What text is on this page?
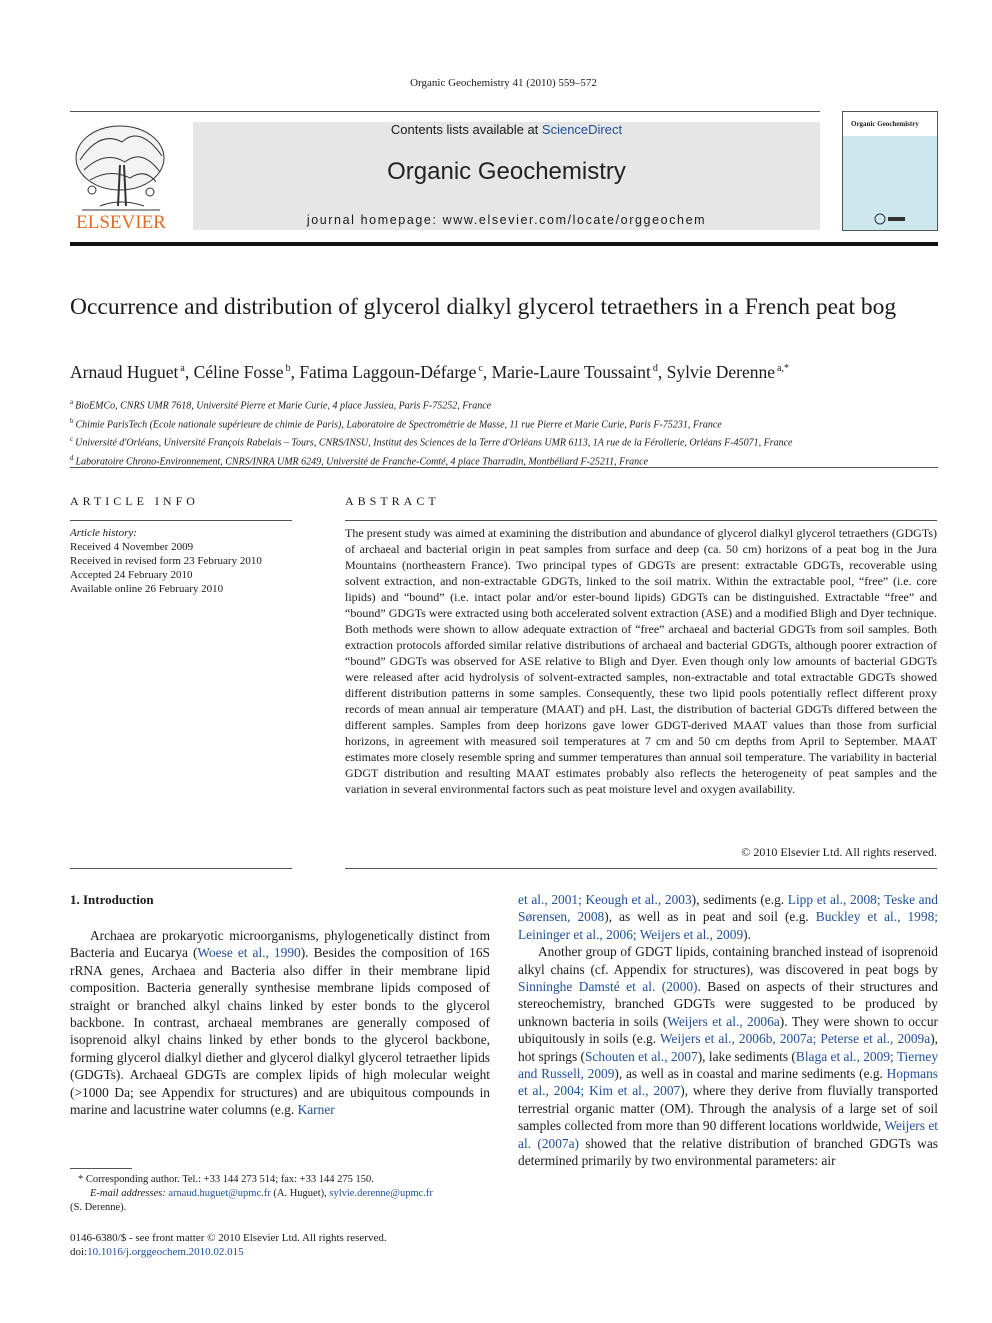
Organic Geochemistry 41 (2010) 559–572
ELSEVIER
Contents lists available at ScienceDirect
Organic Geochemistry
journal homepage: www.elsevier.com/locate/orggeochem
Organic Geochemistry
Occurrence and distribution of glycerol dialkyl glycerol tetraethers in a French peat bog
Arnaud Huguet  $^a$, Céline Fosse  $^b$, Fatima Laggoun-Défarge  $^c$, Marie-Laure Toussaint  $^d$, Sylvie Derenne  $^{a,*}$
$^a$  BioEMCo, CNRS UMR 7618, Université Pierre et Marie Curie, 4 place Jussieu, Paris F-75252, France
$^b$  Chimie ParisTech (Ecole nationale supérieure de chimie de Paris), Laboratoire de Spectrométrie de Masse, 11 rue Pierre et Marie Curie, Paris F-75231, France
$^c$  Université d'Orléans, Université François Rabelais – Tours, CNRS/INSU, Institut des Sciences de la Terre d'Orléans UMR 6113, 1A rue de la Férollerie, Orléans F-45071, France
$^d$  Laboratoire Chrono-Environnement, CNRS/INRA UMR 6249, Université de Franche-Comté, 4 place Tharradin, Montbéliard F-25211, France
ARTICLE INFO	ABSTRACT
Article history:
Received 4 November 2009
Received in revised form 23 February 2010
Accepted 24 February 2010
Available online 26 February 2010
The present study was aimed at examining the distribution and abundance of glycerol dialkyl glycerol tetraethers (GDGTs) of archaeal and bacterial origin in peat samples from surface and deep (ca. 50 cm) horizons of a peat bog in the Jura Mountains (northeastern France). Two principal types of GDGTs are present: extractable GDGTs, recoverable using solvent extraction, and non-extractable GDGTs, linked to the soil matrix. Within the extractable pool, “free” (i.e. core lipids) and “bound” (i.e. intact polar and/or ester-bound lipids) GDGTs can be distinguished. Extractable “free” and “bound” GDGTs were extracted using both accelerated solvent extraction (ASE) and a modified Bligh and Dyer technique. Both methods were shown to allow adequate extraction of “free” archaeal and bacterial GDGTs from soil samples. Both extraction protocols afforded similar relative distributions of archaeal and bacterial GDGTs, although poorer extraction of “bound” GDGTs was observed for ASE relative to Bligh and Dyer. Even though only low amounts of bacterial GDGTs were released after acid hydrolysis of solvent-extracted samples, non-extractable and total extractable GDGTs showed different distribution patterns in some samples. Consequently, these two lipid pools potentially reflect different proxy records of mean annual air temperature (MAAT) and pH. Last, the distribution of bacterial GDGTs differed between the different samples. Samples from deep horizons gave lower GDGT-derived MAAT values than those from surficial horizons, in agreement with measured soil temperatures at 7 cm and 50 cm depths from April to September. MAAT estimates more closely resemble spring and summer temperatures than annual soil temperature. The variability in bacterial GDGT distribution and resulting MAAT estimates probably also reflects the heterogeneity of peat samples and the variation in several environmental factors such as peat moisture level and oxygen availability.
© 2010 Elsevier Ltd. All rights reserved.
1. Introduction

Archaea are prokaryotic microorganisms, phylogenetically distinct from Bacteria and Eucarya (Woese et al., 1990). Besides the composition of 16S rRNA genes, Archaea and Bacteria also differ in their membrane lipid composition. Bacteria generally synthesise membrane lipids composed of straight or branched alkyl chains linked by ester bonds to the glycerol backbone. In contrast, archaeal membranes are generally composed of isoprenoid alkyl chains linked by ether bonds to the glycerol backbone, forming glycerol dialkyl diether and glycerol dialkyl glycerol tetraether lipids (GDGTs). Archaeal GDGTs are complex lipids of high molecular weight (>1000 Da; see Appendix for structures) and are ubiquitous compounds in marine and lacustrine water columns (e.g. Karner

et al., 2001; Keough et al., 2003), sediments (e.g. Lipp et al., 2008; Teske and Sørensen, 2008), as well as in peat and soil (e.g. Buckley et al., 1998; Leininger et al., 2006; Weijers et al., 2009).

Another group of GDGT lipids, containing branched instead of isoprenoid alkyl chains (cf. Appendix for structures), was discovered in peat bogs by Sinninghe Damsté et al. (2000). Based on aspects of their structures and stereochemistry, branched GDGTs were suggested to be produced by unknown bacteria in soils (Weijers et al., 2006a). They were shown to occur ubiquitously in soils (e.g. Weijers et al., 2006b, 2007a; Peterse et al., 2009a), hot springs (Schouten et al., 2007), lake sediments (Blaga et al., 2009; Tierney and Russell, 2009), as well as in coastal and marine sediments (e.g. Hopmans et al., 2004; Kim et al., 2007), where they derive from fluvially transported terrestrial organic matter (OM). Through the analysis of a large set of soil samples collected from more than 90 different locations worldwide, Weijers et al. (2007a) showed that the relative distribution of branched GDGTs was determined primarily by two environmental parameters: air

* Corresponding author. Tel.: +33 144 273 514; fax: +33 144 275 150.
E-mail addresses: arnaud.huguet@upmc.fr (A. Huguet), sylvie.derenne@upmc.fr
(S. Derenne).
0146-6380/$ - see front matter © 2010 Elsevier Ltd. All rights reserved.
doi:10.1016/j.orggeochem.2010.02.015
